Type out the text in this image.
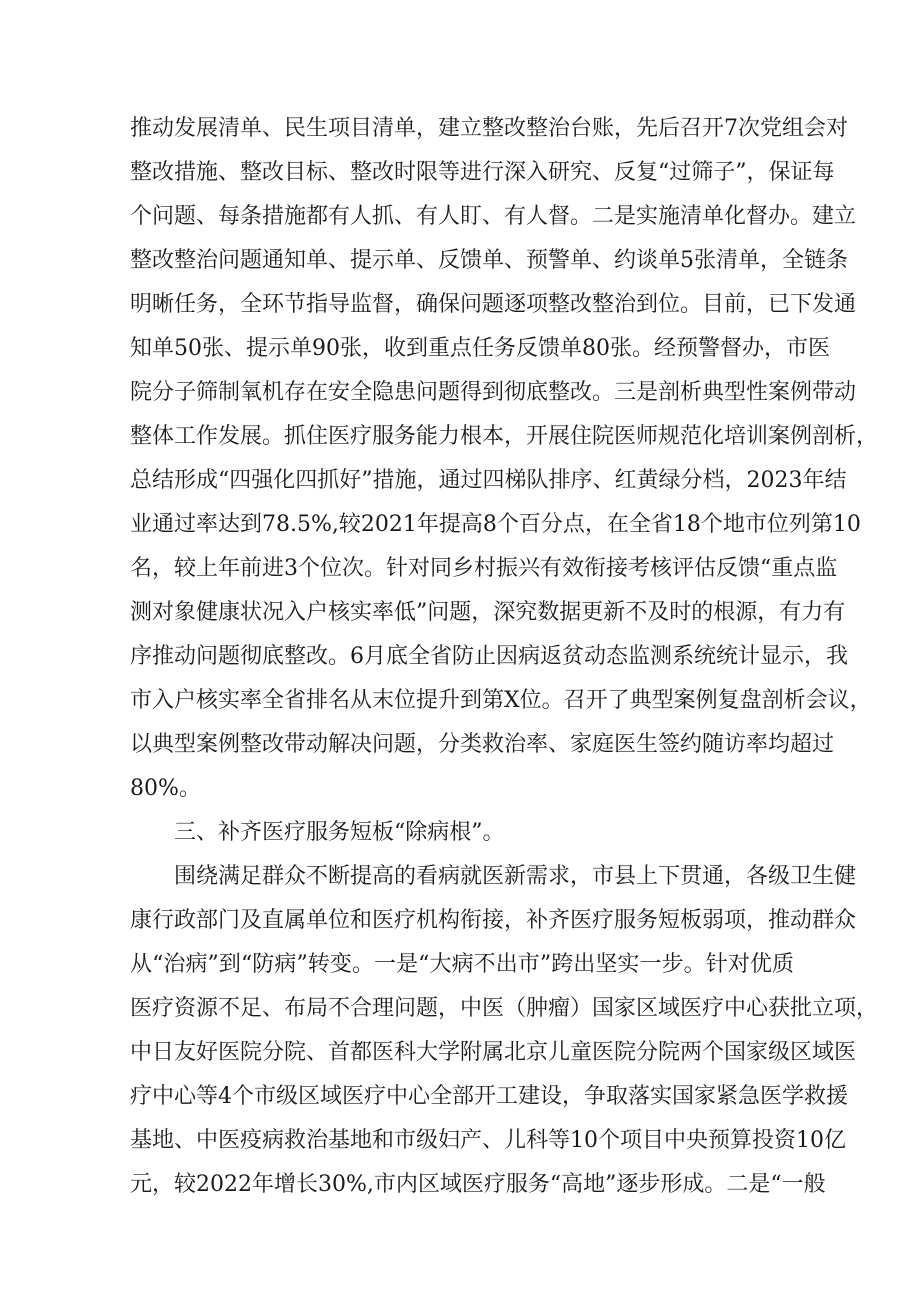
推动发展清单、民生项目清单，建立整改整治台账，先后召开7次党组会对
整改措施、整改目标、整改时限等进行深入研究、反复“过筛子”，保证每
个问题、每条措施都有人抓、有人盯、有人督。二是实施清单化督办。建立
整改整治问题通知单、提示单、反馈单、预警单、约谈单5张清单，全链条
明晰任务，全环节指导监督，确保问题逐项整改整治到位。目前，已下发通
知单50张、提示单90张，收到重点任务反馈单80张。经预警督办，市医
院分子筛制氧机存在安全隐患问题得到彻底整改。三是剖析典型性案例带动
整体工作发展。抓住医疗服务能力根本，开展住院医师规范化培训案例剖析，
总结形成“四强化四抓好”措施，通过四梯队排序、红黄绿分档，2023年结
业通过率达到78.5%,较2021年提高8个百分点，在全省18个地市位列第10
名，较上年前进3个位次。针对同乡村振兴有效衔接考核评估反馈“重点监
测对象健康状况入户核实率低”问题，深究数据更新不及时的根源，有力有
序推动问题彻底整改。6月底全省防止因病返贫动态监测系统统计显示，我
市入户核实率全省排名从末位提升到第X位。召开了典型案例复盘剖析会议，
以典型案例整改带动解决问题，分类救治率、家庭医生签约随访率均超过
80%。
三、补齐医疗服务短板“除病根”。
围绕满足群众不断提高的看病就医新需求，市县上下贯通，各级卫生健
康行政部门及直属单位和医疗机构衔接，补齐医疗服务短板弱项，推动群众
从“治病”到“防病”转变。一是“大病不出市”跨出坚实一步。针对优质
医疗资源不足、布局不合理问题，中医（肿瘤）国家区域医疗中心获批立项，
中日友好医院分院、首都医科大学附属北京儿童医院分院两个国家级区域医
疗中心等4个市级区域医疗中心全部开工建设，争取落实国家紧急医学救援
基地、中医疫病救治基地和市级妇产、儿科等10个项目中央预算投资10亿
元，较2022年增长30%,市内区域医疗服务“高地”逐步形成。二是“一般
